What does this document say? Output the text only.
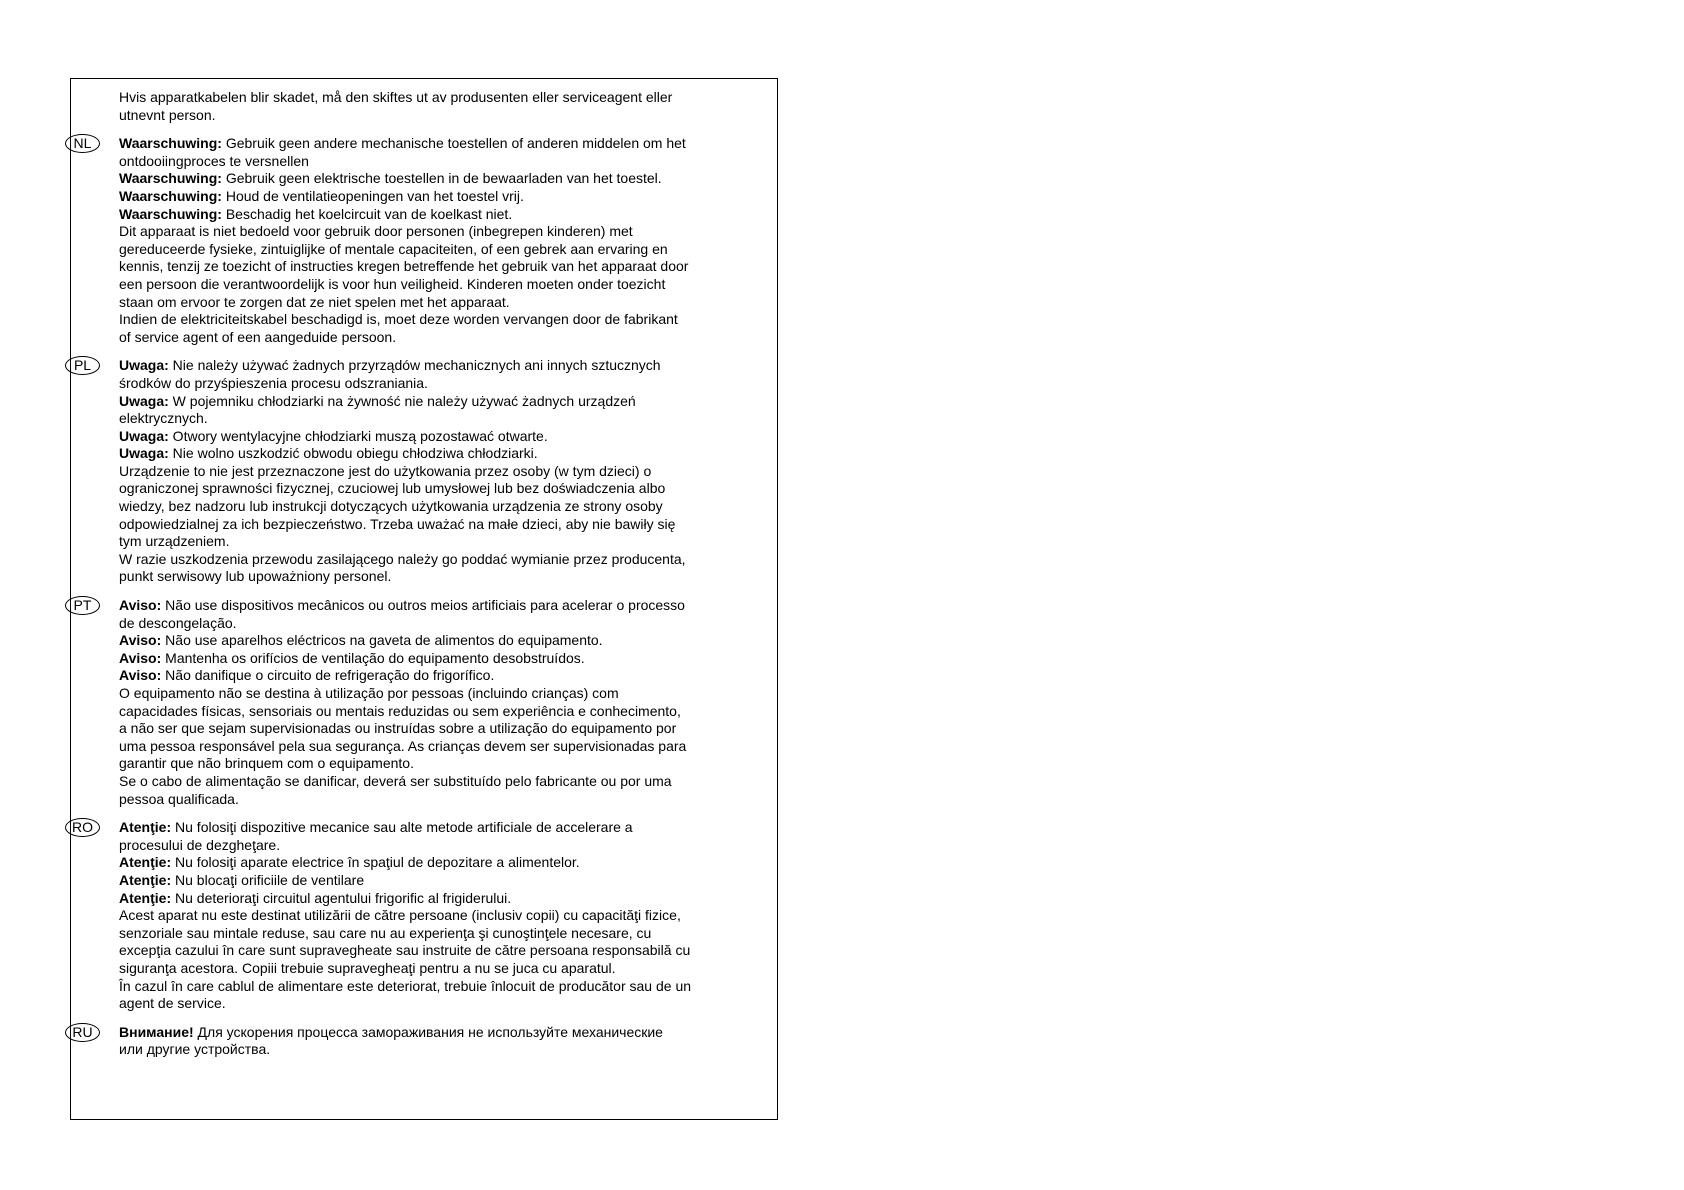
Hvis apparatkabelen blir skadet, må den skiftes ut av produsenten eller serviceagent eller
utnevnt person.
NL	Waarschuwing: Gebruik geen andere mechanische toestellen of anderen middelen om het
ontdooiingproces te versnellen
Waarschuwing: Gebruik geen elektrische toestellen in de bewaarladen van het toestel.
Waarschuwing: Houd de ventilatieopeningen van het toestel vrij.
Waarschuwing: Beschadig het koelcircuit van de koelkast niet.
Dit apparaat is niet bedoeld voor gebruik door personen (inbegrepen kinderen) met
gereduceerde fysieke, zintuiglijke of mentale capaciteiten, of een gebrek aan ervaring en
kennis, tenzij ze toezicht of instructies kregen betreffende het gebruik van het apparaat door
een persoon die verantwoordelijk is voor hun veiligheid. Kinderen moeten onder toezicht
staan om ervoor te zorgen dat ze niet spelen met het apparaat.
Indien de elektriciteitskabel beschadigd is, moet deze worden vervangen door de fabrikant
of service agent of een aangeduide persoon.
PL	Uwaga: Nie należy używać żadnych przyrządów mechanicznych ani innych sztucznych
środków do przyśpieszenia procesu odszraniania.
Uwaga: W pojemniku chłodziarki na żywność nie należy używać żadnych urządzeń
elektrycznych.
Uwaga: Otwory wentylacyjne chłodziarki muszą pozostawać otwarte.
Uwaga: Nie wolno uszkodzić obwodu obiegu chłodziwa chłodziarki.
Urządzenie to nie jest przeznaczone jest do użytkowania przez osoby (w tym dzieci) o
ograniczonej sprawności fizycznej, czuciowej lub umysłowej lub bez doświadczenia albo
wiedzy, bez nadzoru lub instrukcji dotyczących użytkowania urządzenia ze strony osoby
odpowiedzialnej za ich bezpieczeństwo. Trzeba uważać na małe dzieci, aby nie bawiły się
tym urządzeniem.
W razie uszkodzenia przewodu zasilającego należy go poddać wymianie przez producenta,
punkt serwisowy lub upoważniony personel.
PT	Aviso: Não use dispositivos mecânicos ou outros meios artificiais para acelerar o processo
de descongelação.
Aviso: Não use aparelhos eléctricos na gaveta de alimentos do equipamento.
Aviso: Mantenha os orifícios de ventilação do equipamento desobstruídos.
Aviso: Não danifique o circuito de refrigeração do frigorífico.
O equipamento não se destina à utilização por pessoas (incluindo crianças) com
capacidades físicas, sensoriais ou mentais reduzidas ou sem experiência e conhecimento,
a não ser que sejam supervisionadas ou instruídas sobre a utilização do equipamento por
uma pessoa responsável pela sua segurança. As crianças devem ser supervisionadas para
garantir que não brinquem com o equipamento.
Se o cabo de alimentação se danificar, deverá ser substituído pelo fabricante ou por uma
pessoa qualificada.
RO	Atenţie: Nu folosiţi dispozitive mecanice sau alte metode artificiale de accelerare a
procesului de dezgheţare.
Atenţie: Nu folosiţi aparate electrice în spaţiul de depozitare a alimentelor.
Atenţie: Nu blocaţi orificiile de ventilare
Atenţie: Nu deterioraţi circuitul agentului frigorific al frigiderului.
Acest aparat nu este destinat utilizării de către persoane (inclusiv copii) cu capacităţi fizice,
senzoriale sau mintale reduse, sau care nu au experienţa şi cunoştinţele necesare, cu
excepţia cazului în care sunt supravegheate sau instruite de către persoana responsabilă cu
siguranţa acestora. Copiii trebuie supravegheaţi pentru a nu se juca cu aparatul.
În cazul în care cablul de alimentare este deteriorat, trebuie înlocuit de producător sau de un
agent de service.
RU	Внимание! Для ускорения процесса замораживания не используйте механические
или другие устройства.
